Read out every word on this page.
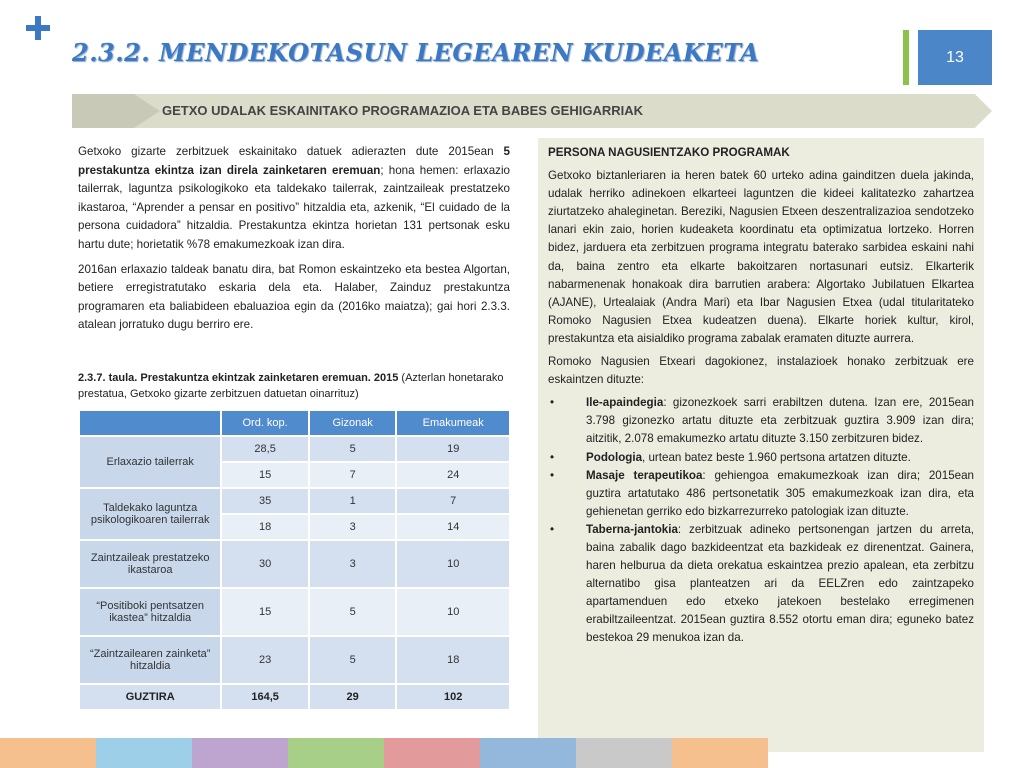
2.3.2. MENDEKOTASUN LEGEAREN KUDEAKETA	13
GETXO UDALAK ESKAINITAKO PROGRAMAZIOA ETA BABES GEHIGARRIAK

Getxoko gizarte zerbitzuek eskainitako datuek adierazten dute 2015ean 5 prestakuntza ekintza izan direla zainketaren eremuan; hona hemen: erlaxazio tailerrak, laguntza psikologikoko eta taldekako tailerrak, zaintzaileak prestatzeko ikastaroa, “Aprender a pensar en positivo” hitzaldia eta, azkenik, “El cuidado de la persona cuidadora” hitzaldia. Prestakuntza ekintza horietan 131 pertsonak esku hartu dute; horietatik %78 emakumezkoak izan dira.

2016an erlaxazio taldeak banatu dira, bat Romon eskaintzeko eta bestea Algortan, betiere erregistratutako eskaria dela eta. Halaber, Zainduz prestakuntza programaren eta baliabideen ebaluazioa egin da (2016ko maiatza); gai hori 2.3.3. atalean jorratuko dugu berriro ere.

2.3.7. taula. Prestakuntza ekintzak zainketaren eremuan. 2015 (Azterlan honetarako prestatua, Getxoko gizarte zerbitzuen datuetan oinarrituz)
	Ord. kop.	Gizonak	Emakumeak
Erlaxazio tailerrak	28,5	5	19
	15	7	24
Taldekako laguntza psikologikoaren tailerrak	35	1	7
	18	3	14
Zaintzaileak prestatzeko ikastaroa	30	3	10
“Positiboki pentsatzen ikastea” hitzaldia	15	5	10
“Zaintzailearen zainketa” hitzaldia	23	5	18
GUZTIRA	164,5	29	102
PERSONA NAGUSIENTZAKO PROGRAMAK

Getxoko biztanleriaren ia heren batek 60 urteko adina gainditzen duela jakinda, udalak herriko adinekoen elkarteei laguntzen die kideei kalitatezko zahartzea ziurtatzeko ahaleginetan. Bereziki, Nagusien Etxeen deszentralizazioa sendotzeko lanari ekin zaio, horien kudeaketa koordinatu eta optimizatua lortzeko. Horren bidez, jarduera eta zerbitzuen programa integratu baterako sarbidea eskaini nahi da, baina zentro eta elkarte bakoitzaren nortasunari eutsiz. Elkarterik nabarmenenak honakoak dira barrutien arabera: Algortako Jubilatuen Elkartea (AJANE), Urtealaiak (Andra Mari) eta Ibar Nagusien Etxea (udal titularitateko Romoko Nagusien Etxea kudeatzen duena). Elkarte horiek kultur, kirol, prestakuntza eta aisialdiko programa zabalak eramaten dituzte aurrera.

Romoko Nagusien Etxeari dagokionez, instalazioek honako zerbitzuak ere eskaintzen dituzte:

• Ile-apaindegia: gizonezkoek sarri erabiltzen dutena. Izan ere, 2015ean 3.798 gizonezko artatu dituzte eta zerbitzuak guztira 3.909 izan dira; aitzitik, 2.078 emakumezko artatu dituzte 3.150 zerbitzuren bidez.
• Podologia, urtean batez beste 1.960 pertsona artatzen dituzte.
• Masaje terapeutikoa: gehiengoa emakumezkoak izan dira; 2015ean guztira artatutako 486 pertsonetatik 305 emakumezkoak izan dira, eta gehienetan gerriko edo bizkarrezurreko patologiak izan dituzte.
• Taberna-jantokia: zerbitzuak adineko pertsonengan jartzen du arreta, baina zabalik dago bazkideentzat eta bazkideak ez direnentzat. Gainera, haren helburua da dieta orekatua eskaintzea prezio apalean, eta zerbitzu alternatibo gisa planteatzen ari da EELZren edo zaintzapeko apartamenduen edo etxeko jatekoen bestelako erregimenen erabiltzaileentzat. 2015ean guztira 8.552 otortu eman dira; eguneko batez bestekoa 29 menukoa izan da.
